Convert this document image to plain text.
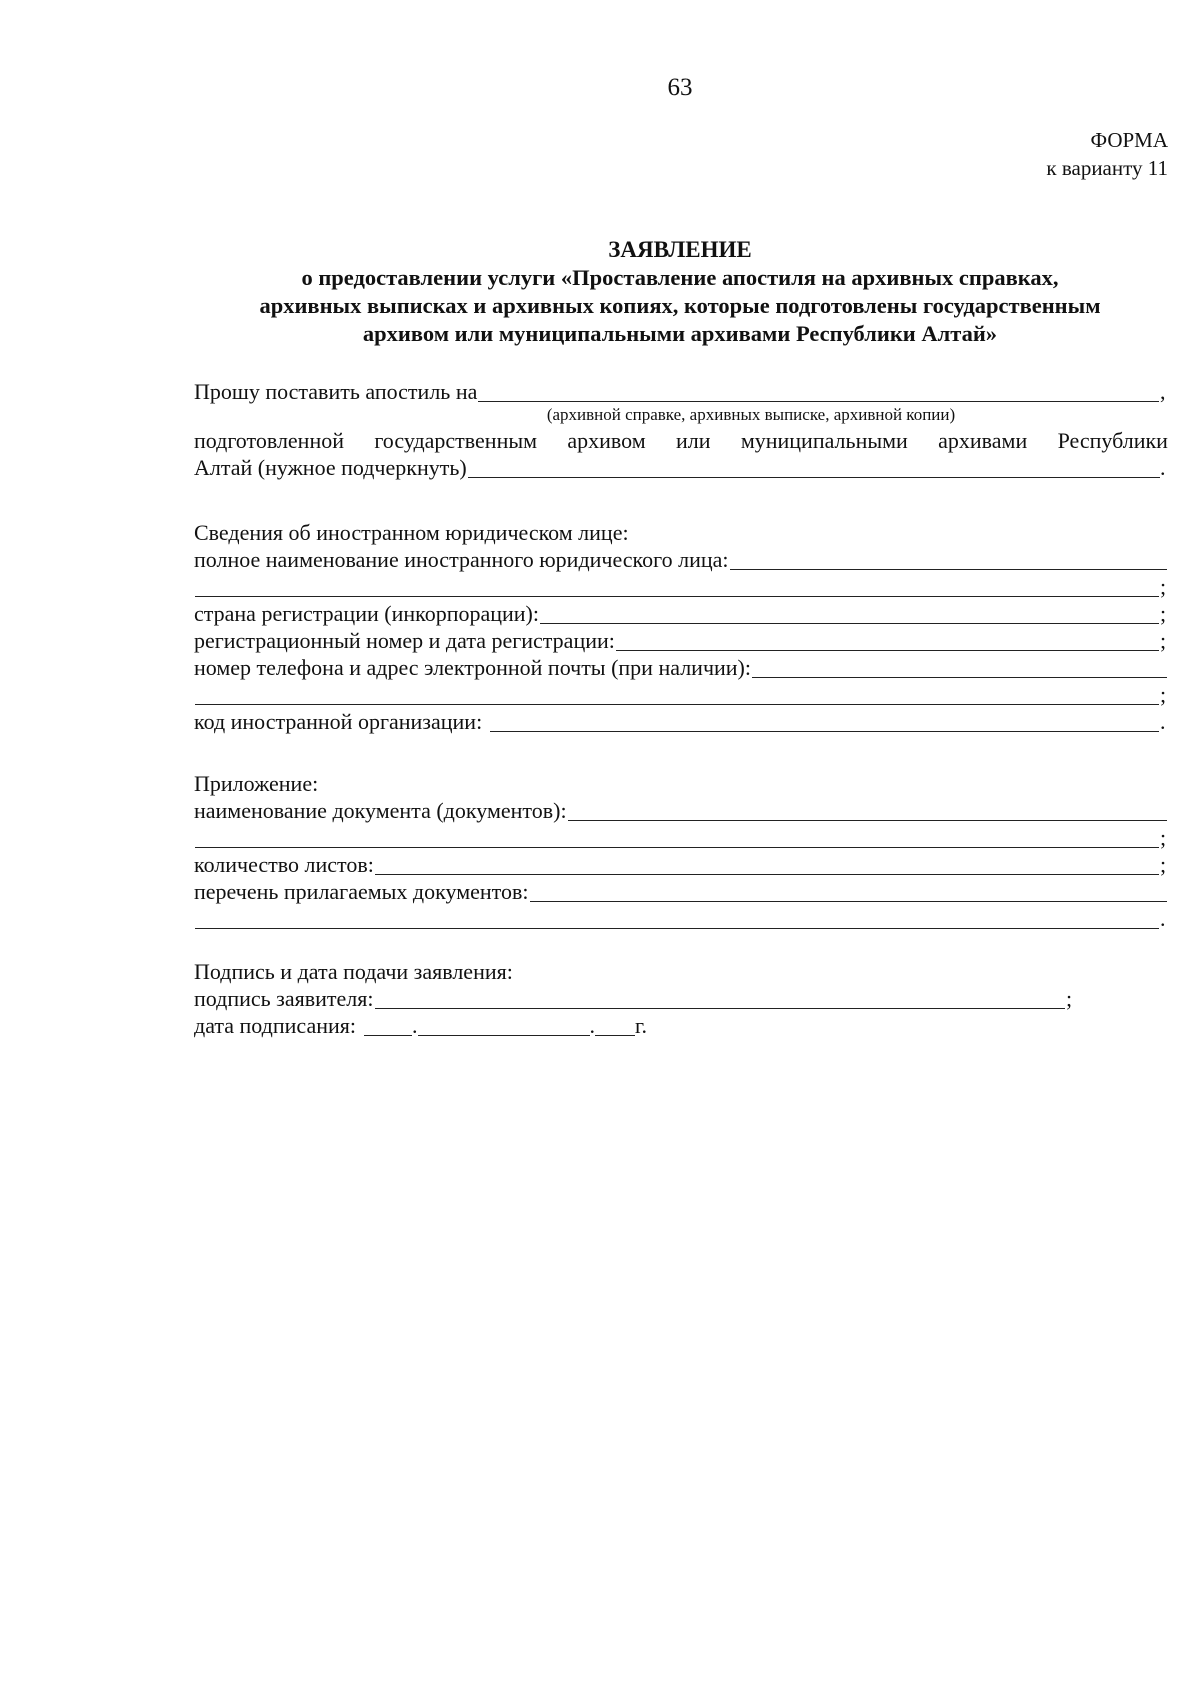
63
ФОРМА
к варианту 11
ЗАЯВЛЕНИЕ
о предоставлении услуги «Проставление апостиля на архивных справках,
архивных выписках и архивных копиях, которые подготовлены государственным
архивом или муниципальными архивами Республики Алтай»
Прошу поставить апостиль на	,
(архивной справке, архивных выписке, архивной копии)
подготовленной государственным архивом или муниципальными архивами Республики
Алтай (нужное подчеркнуть)	.
Сведения об иностранном юридическом лице:
полное наименование иностранного юридического лица:
;
страна регистрации (инкорпорации):	;
регистрационный номер и дата регистрации:	;
номер телефона и адрес электронной почты (при наличии):
;
код иностранной организации:	.
Приложение:
наименование документа (документов):
;
количество листов:	;
перечень прилагаемых документов:
.
Подпись и дата подачи заявления:
подпись заявителя:	;
дата подписания:	.	. г.
